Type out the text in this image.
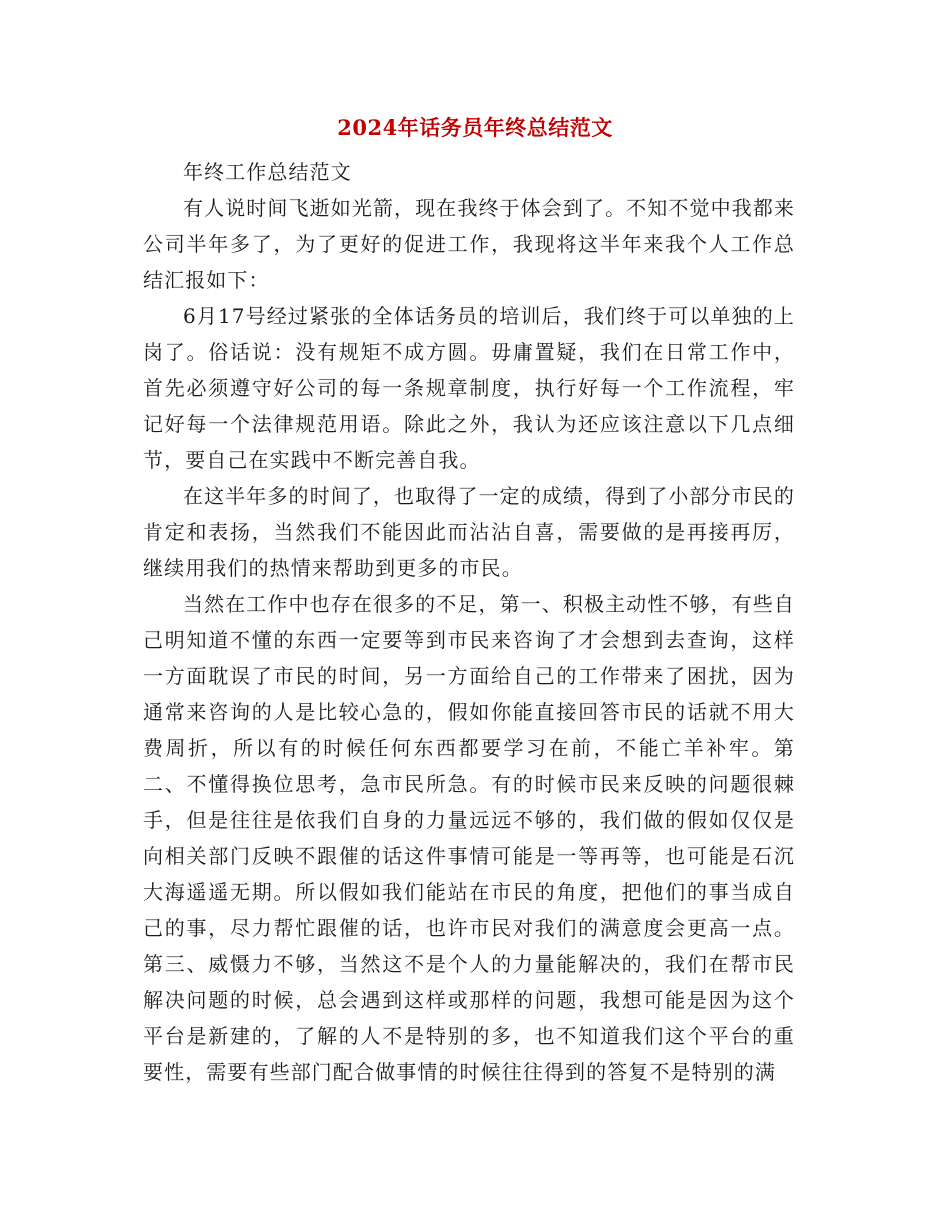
2024年话务员年终总结范文

年终工作总结范文

有人说时间飞逝如光箭，现在我终于体会到了。不知不觉中我都来公司半年多了，为了更好的促进工作，我现将这半年来我个人工作总结汇报如下：

6月17号经过紧张的全体话务员的培训后，我们终于可以单独的上岗了。俗话说：没有规矩不成方圆。毋庸置疑，我们在日常工作中，首先必须遵守好公司的每一条规章制度，执行好每一个工作流程，牢记好每一个法律规范用语。除此之外，我认为还应该注意以下几点细节，要自己在实践中不断完善自我。

在这半年多的时间了，也取得了一定的成绩，得到了小部分市民的肯定和表扬，当然我们不能因此而沾沾自喜，需要做的是再接再厉，继续用我们的热情来帮助到更多的市民。

当然在工作中也存在很多的不足，第一、积极主动性不够，有些自己明知道不懂的东西一定要等到市民来咨询了才会想到去查询，这样一方面耽误了市民的时间，另一方面给自己的工作带来了困扰，因为通常来咨询的人是比较心急的，假如你能直接回答市民的话就不用大费周折，所以有的时候任何东西都要学习在前，不能亡羊补牢。第二、不懂得换位思考，急市民所急。有的时候市民来反映的问题很棘手，但是往往是依我们自身的力量远远不够的，我们做的假如仅仅是向相关部门反映不跟催的话这件事情可能是一等再等，也可能是石沉大海遥遥无期。所以假如我们能站在市民的角度，把他们的事当成自己的事，尽力帮忙跟催的话，也许市民对我们的满意度会更高一点。第三、威慑力不够，当然这不是个人的力量能解决的，我们在帮市民解决问题的时候，总会遇到这样或那样的问题，我想可能是因为这个平台是新建的，了解的人不是特别的多，也不知道我们这个平台的重要性，需要有些部门配合做事情的时候往往得到的答复不是特别的满
